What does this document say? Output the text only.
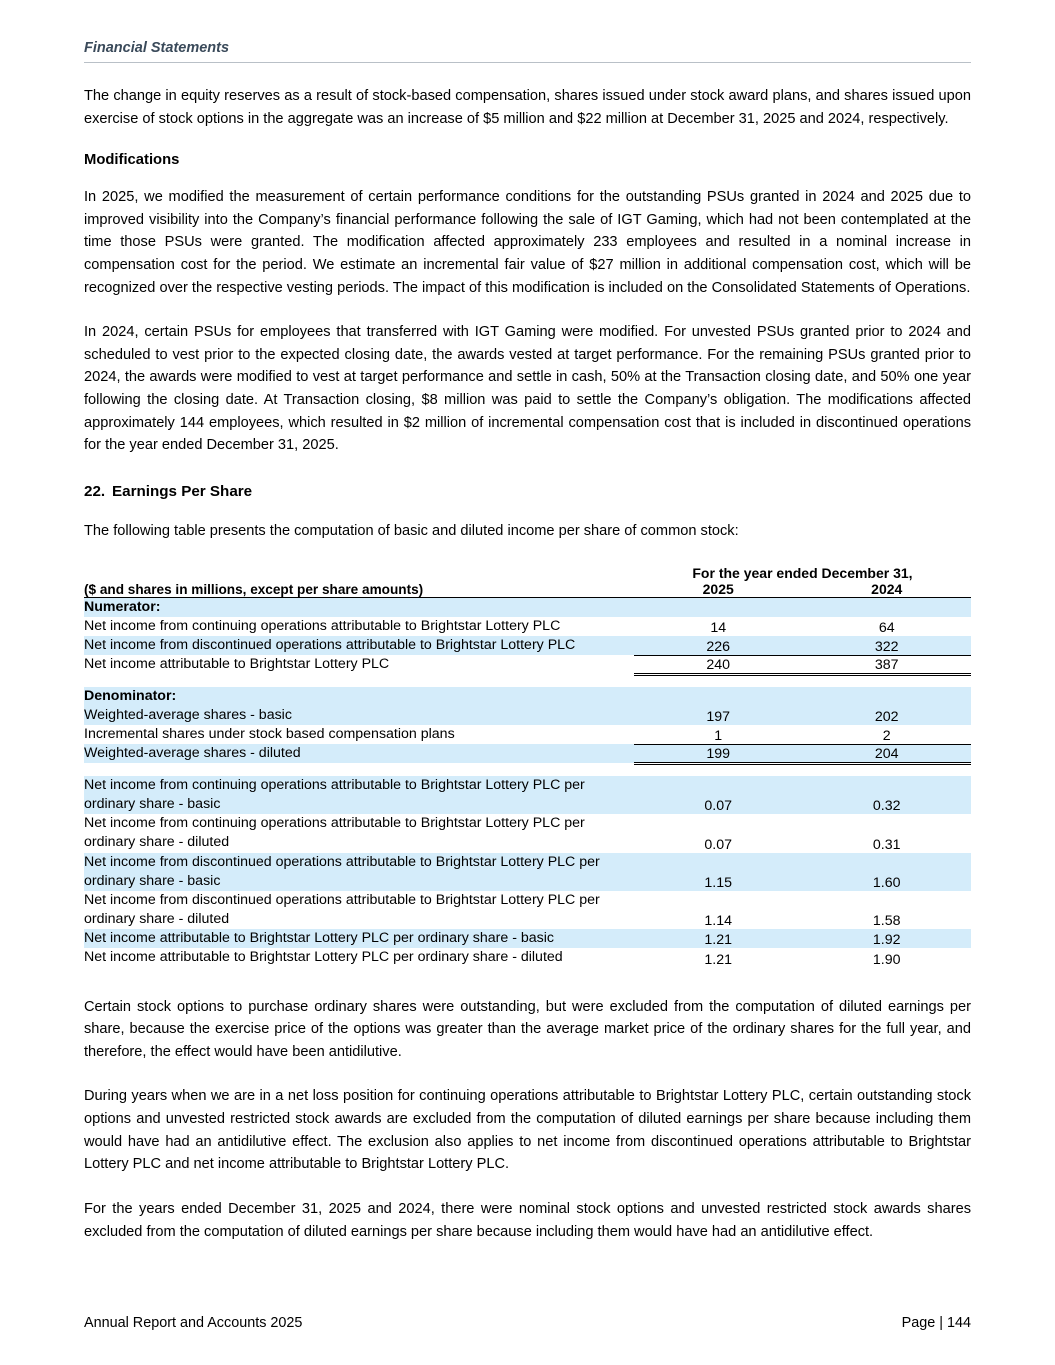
Financial Statements

The change in equity reserves as a result of stock-based compensation, shares issued under stock award plans, and shares issued upon exercise of stock options in the aggregate was an increase of $5 million and $22 million at December 31, 2025 and 2024, respectively.

Modifications

In 2025, we modified the measurement of certain performance conditions for the outstanding PSUs granted in 2024 and 2025 due to improved visibility into the Company’s financial performance following the sale of IGT Gaming, which had not been contemplated at the time those PSUs were granted. The modification affected approximately 233 employees and resulted in a nominal increase in compensation cost for the period. We estimate an incremental fair value of $27 million in additional compensation cost, which will be recognized over the respective vesting periods. The impact of this modification is included on the Consolidated Statements of Operations.

In 2024, certain PSUs for employees that transferred with IGT Gaming were modified. For unvested PSUs granted prior to 2024 and scheduled to vest prior to the expected closing date, the awards vested at target performance. For the remaining PSUs granted prior to 2024, the awards were modified to vest at target performance and settle in cash, 50% at the Transaction closing date, and 50% one year following the closing date. At Transaction closing, $8 million was paid to settle the Company’s obligation. The modifications affected approximately 144 employees, which resulted in $2 million of incremental compensation cost that is included in discontinued operations for the year ended December 31, 2025.

22. Earnings Per Share

The following table presents the computation of basic and diluted income per share of common stock:

	For the year ended December 31,	
($ and shares in millions, except per share amounts)	2025	2024
Numerator:		
Net income from continuing operations attributable to Brightstar Lottery PLC	14	64
Net income from discontinued operations attributable to Brightstar Lottery PLC	226	322
Net income attributable to Brightstar Lottery PLC	240	387

Denominator:		
Weighted-average shares - basic	197	202
Incremental shares under stock based compensation plans	1	2
Weighted-average shares - diluted	199	204

Net income from continuing operations attributable to Brightstar Lottery PLC per ordinary share - basic	0.07	0.32
Net income from continuing operations attributable to Brightstar Lottery PLC per ordinary share - diluted	0.07	0.31
Net income from discontinued operations attributable to Brightstar Lottery PLC per ordinary share - basic	1.15	1.60
Net income from discontinued operations attributable to Brightstar Lottery PLC per ordinary share - diluted	1.14	1.58
Net income attributable to Brightstar Lottery PLC per ordinary share - basic	1.21	1.92
Net income attributable to Brightstar Lottery PLC per ordinary share - diluted	1.21	1.90

Certain stock options to purchase ordinary shares were outstanding, but were excluded from the computation of diluted earnings per share, because the exercise price of the options was greater than the average market price of the ordinary shares for the full year, and therefore, the effect would have been antidilutive.

During years when we are in a net loss position for continuing operations attributable to Brightstar Lottery PLC, certain outstanding stock options and unvested restricted stock awards are excluded from the computation of diluted earnings per share because including them would have had an antidilutive effect. The exclusion also applies to net income from discontinued operations attributable to Brightstar Lottery PLC and net income attributable to Brightstar Lottery PLC.

For the years ended December 31, 2025 and 2024, there were nominal stock options and unvested restricted stock awards shares excluded from the computation of diluted earnings per share because including them would have had an antidilutive effect.

Annual Report and Accounts 2025	Page | 144
